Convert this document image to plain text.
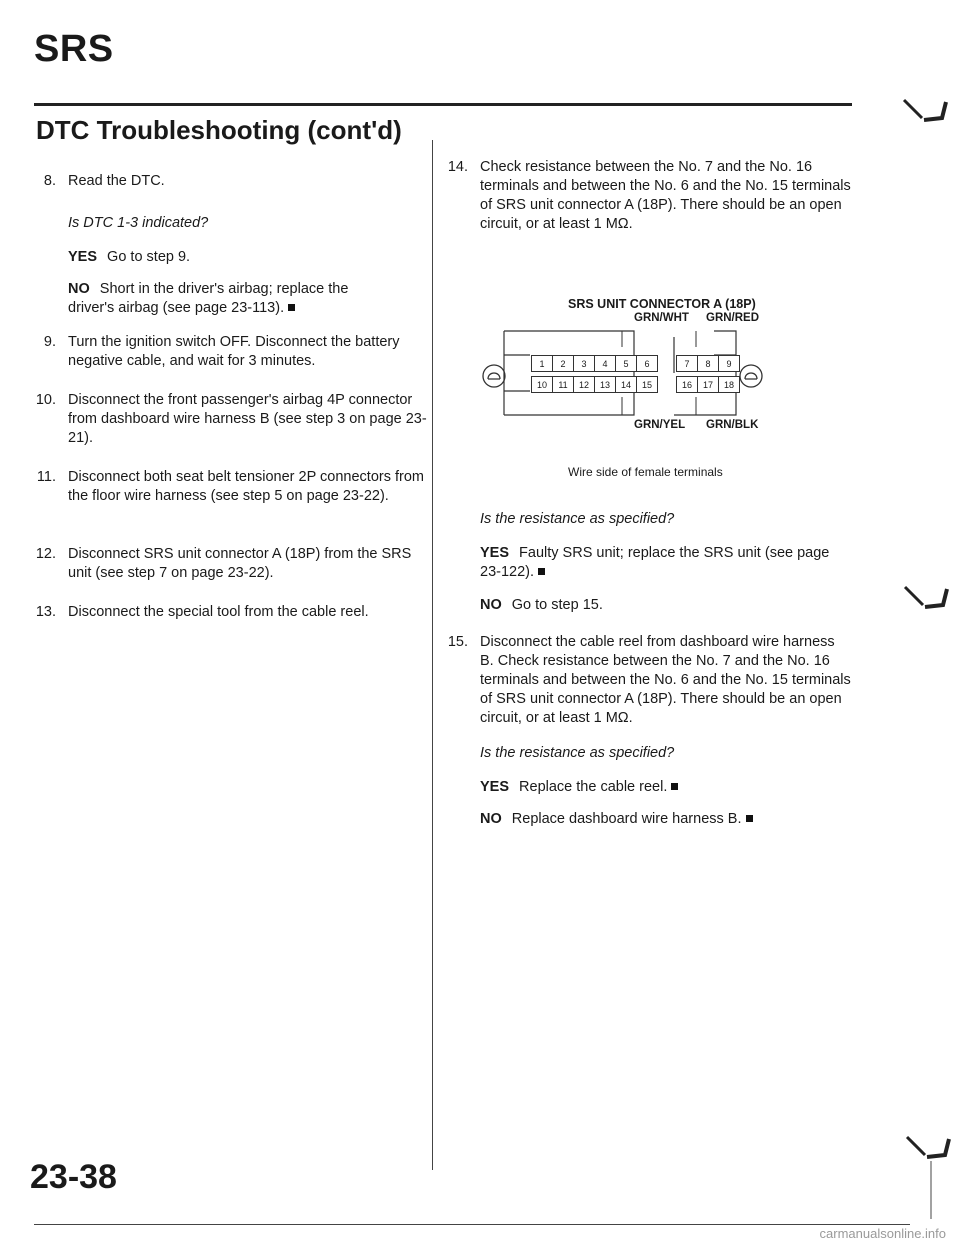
SRS
DTC Troubleshooting (cont'd)
8. Read the DTC.
Is DTC 1-3 indicated?
YES Go to step 9.
NO Short in the driver's airbag; replace the driver's airbag (see page 23-113).
9. Turn the ignition switch OFF. Disconnect the battery negative cable, and wait for 3 minutes.
10. Disconnect the front passenger's airbag 4P connector from dashboard wire harness B (see step 3 on page 23-21).
11. Disconnect both seat belt tensioner 2P connectors from the floor wire harness (see step 5 on page 23-22).
12. Disconnect SRS unit connector A (18P) from the SRS unit (see step 7 on page 23-22).
13. Disconnect the special tool from the cable reel.
23-38
14. Check resistance between the No. 7 and the No. 16 terminals and between the No. 6 and the No. 15 terminals of SRS unit connector A (18P). There should be an open circuit, or at least 1 MΩ.
SRS UNIT CONNECTOR A (18P)
GRN/WHT GRN/RED
GRN/YEL GRN/BLK
1	2	3	4	5	6	7	8	9
10	11	12	13	14	15	16	17	18
Wire side of female terminals
Is the resistance as specified?
YES Faulty SRS unit; replace the SRS unit (see page 23-122).
NO Go to step 15.
15. Disconnect the cable reel from dashboard wire harness B. Check resistance between the No. 7 and the No. 16 terminals and between the No. 6 and the No. 15 terminals of SRS unit connector A (18P). There should be an open circuit, or at least 1 MΩ.
Is the resistance as specified?
YES Replace the cable reel.
NO Replace dashboard wire harness B.
carmanualsonline.info
